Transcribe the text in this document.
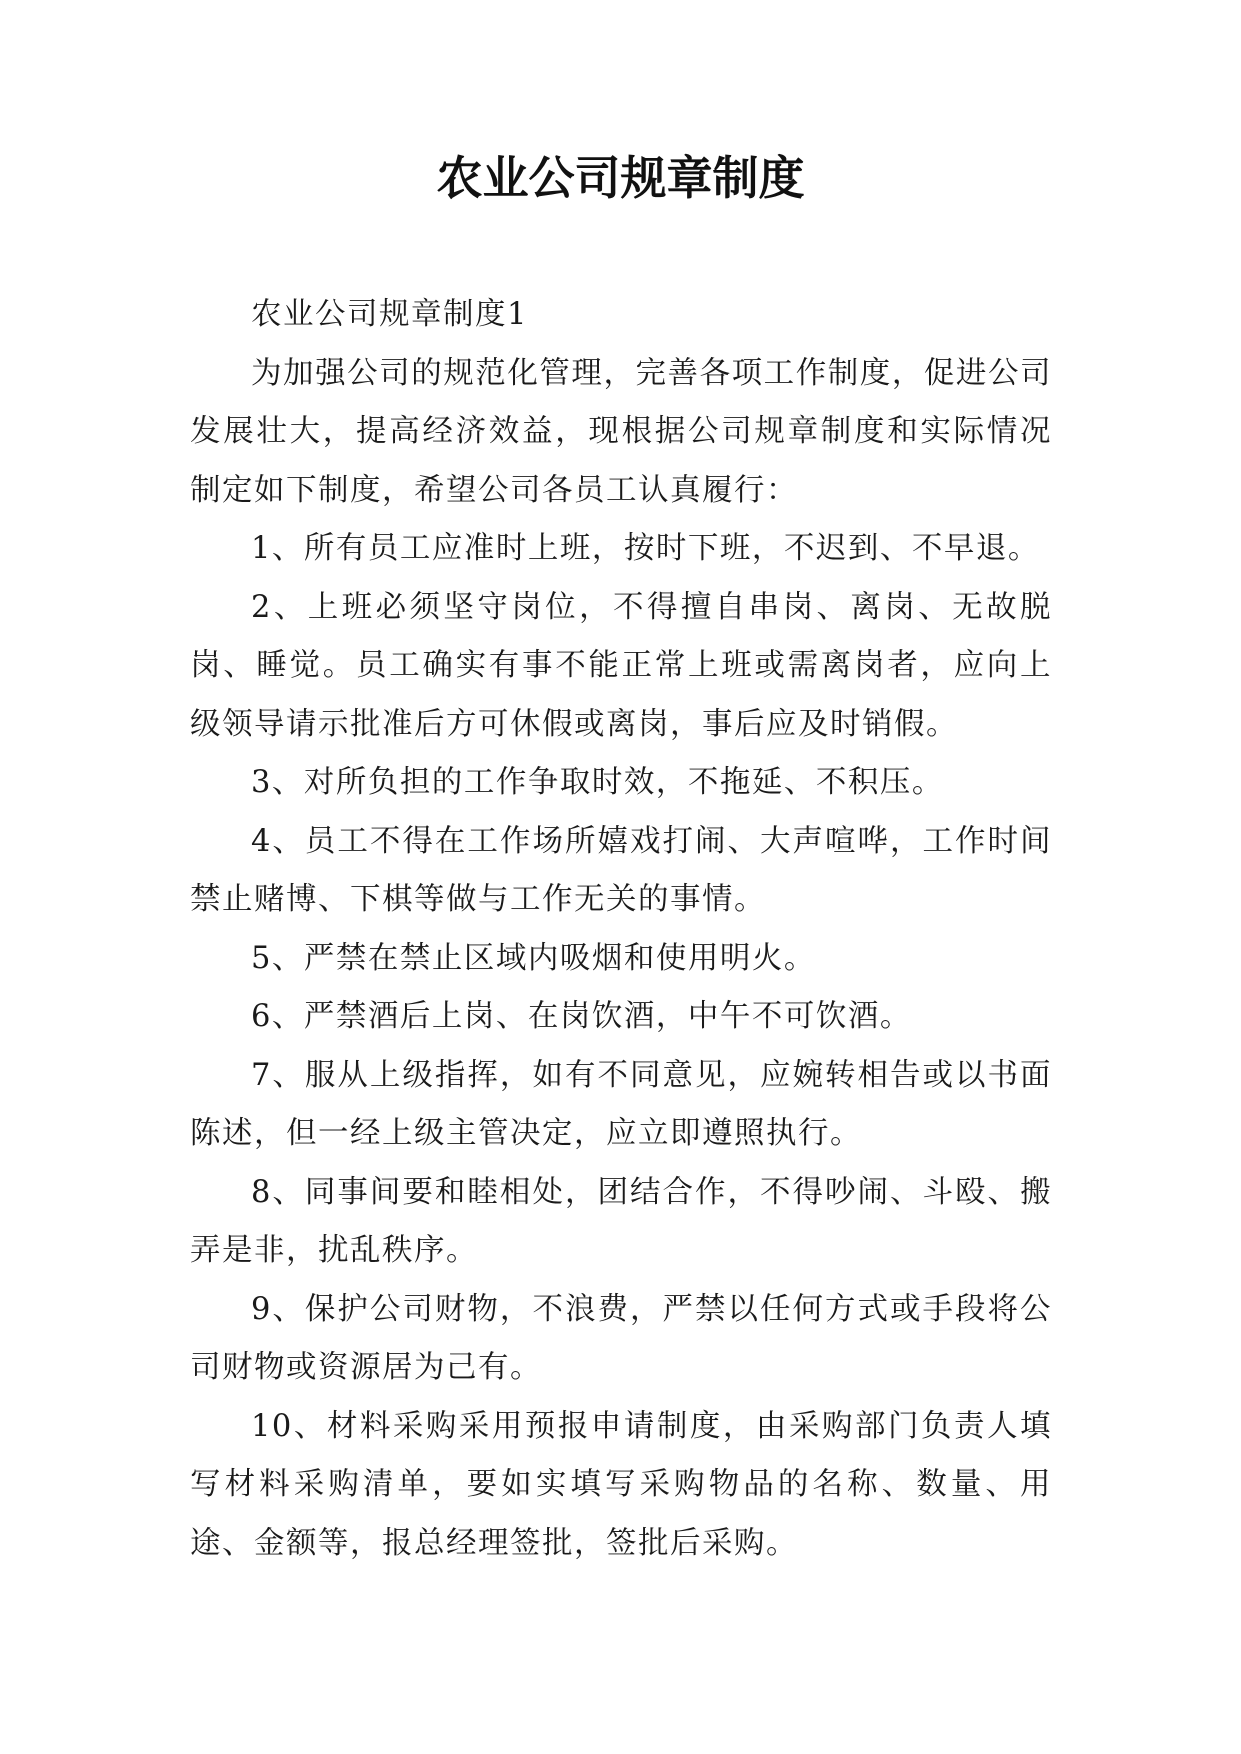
农业公司规章制度

农业公司规章制度1

为加强公司的规范化管理，完善各项工作制度，促进公司发展壮大，提高经济效益，现根据公司规章制度和实际情况制定如下制度，希望公司各员工认真履行：

1、所有员工应准时上班，按时下班，不迟到、不早退。

2、上班必须坚守岗位，不得擅自串岗、离岗、无故脱岗、睡觉。员工确实有事不能正常上班或需离岗者，应向上级领导请示批准后方可休假或离岗，事后应及时销假。

3、对所负担的工作争取时效，不拖延、不积压。

4、员工不得在工作场所嬉戏打闹、大声喧哗，工作时间禁止赌博、下棋等做与工作无关的事情。

5、严禁在禁止区域内吸烟和使用明火。

6、严禁酒后上岗、在岗饮酒，中午不可饮酒。

7、服从上级指挥，如有不同意见，应婉转相告或以书面陈述，但一经上级主管决定，应立即遵照执行。

8、同事间要和睦相处，团结合作，不得吵闹、斗殴、搬弄是非，扰乱秩序。

9、保护公司财物，不浪费，严禁以任何方式或手段将公司财物或资源居为己有。

10、材料采购采用预报申请制度，由采购部门负责人填写材料采购清单，要如实填写采购物品的名称、数量、用途、金额等，报总经理签批，签批后采购。
